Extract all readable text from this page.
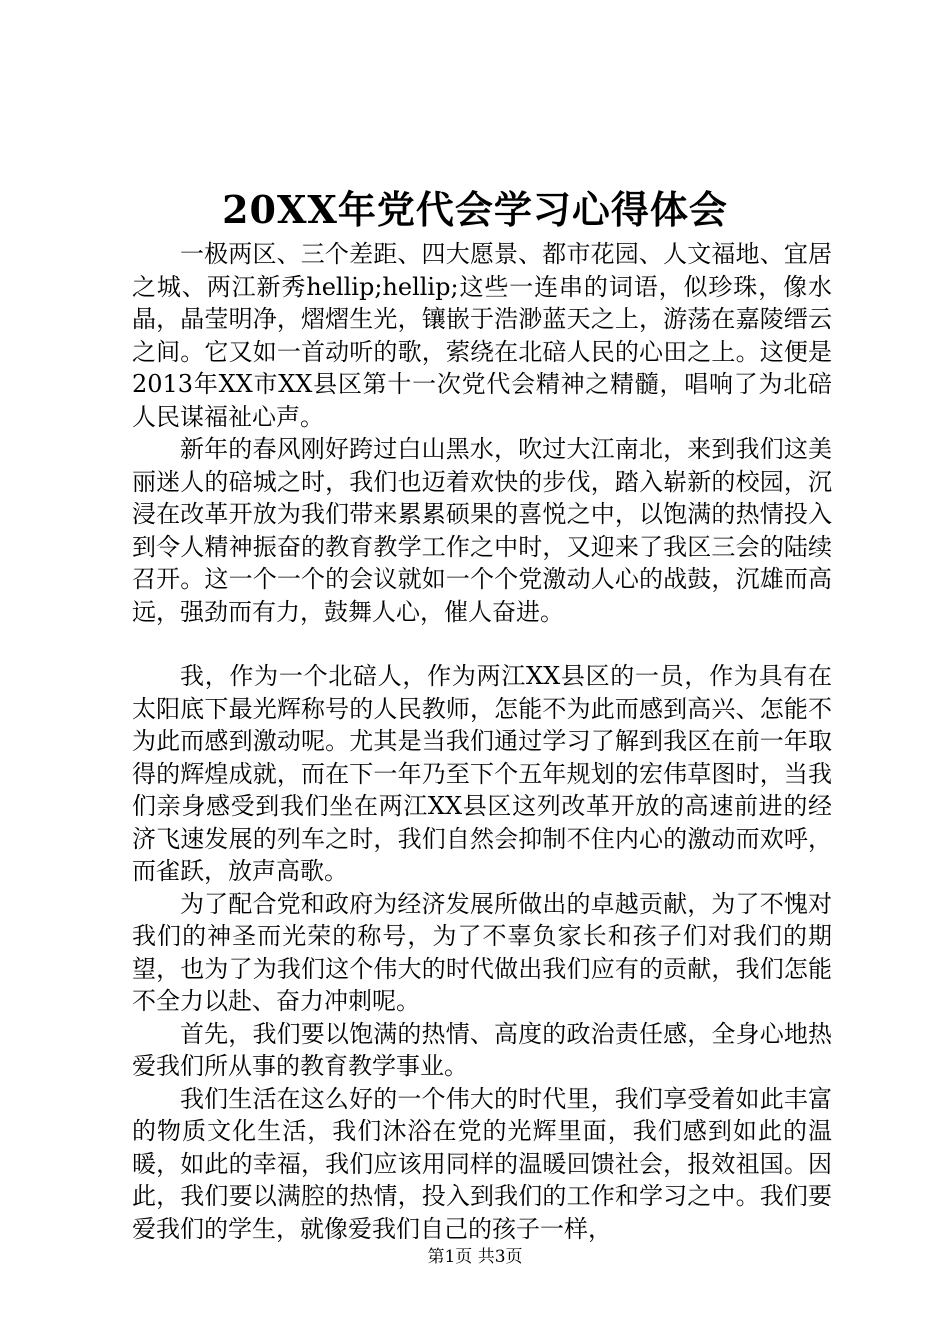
20XX年党代会学习心得体会

一极两区、三个差距、四大愿景、都市花园、人文福地、宜居之城、两江新秀hellip;hellip;这些一连串的词语，似珍珠，像水晶，晶莹明净，熠熠生光，镶嵌于浩渺蓝天之上，游荡在嘉陵缙云之间。它又如一首动听的歌，萦绕在北碚人民的心田之上。这便是2013年XX市XX县区第十一次党代会精神之精髓，唱响了为北碚人民谋福祉心声。

新年的春风刚好跨过白山黑水，吹过大江南北，来到我们这美丽迷人的碚城之时，我们也迈着欢快的步伐，踏入崭新的校园，沉浸在改革开放为我们带来累累硕果的喜悦之中，以饱满的热情投入到令人精神振奋的教育教学工作之中时，又迎来了我区三会的陆续召开。这一个一个的会议就如一个个党激动人心的战鼓，沉雄而高远，强劲而有力，鼓舞人心，催人奋进。

我，作为一个北碚人，作为两江XX县区的一员，作为具有在太阳底下最光辉称号的人民教师，怎能不为此而感到高兴、怎能不为此而感到激动呢。尤其是当我们通过学习了解到我区在前一年取得的辉煌成就，而在下一年乃至下个五年规划的宏伟草图时，当我们亲身感受到我们坐在两江XX县区这列改革开放的高速前进的经济飞速发展的列车之时，我们自然会抑制不住内心的激动而欢呼，而雀跃，放声高歌。

为了配合党和政府为经济发展所做出的卓越贡献，为了不愧对我们的神圣而光荣的称号，为了不辜负家长和孩子们对我们的期望，也为了为我们这个伟大的时代做出我们应有的贡献，我们怎能不全力以赴、奋力冲刺呢。

首先，我们要以饱满的热情、高度的政治责任感，全身心地热爱我们所从事的教育教学事业。

我们生活在这么好的一个伟大的时代里，我们享受着如此丰富的物质文化生活，我们沐浴在党的光辉里面，我们感到如此的温暖，如此的幸福，我们应该用同样的温暖回馈社会，报效祖国。因此，我们要以满腔的热情，投入到我们的工作和学习之中。我们要爱我们的学生，就像爱我们自己的孩子一样，

第1页 共3页
